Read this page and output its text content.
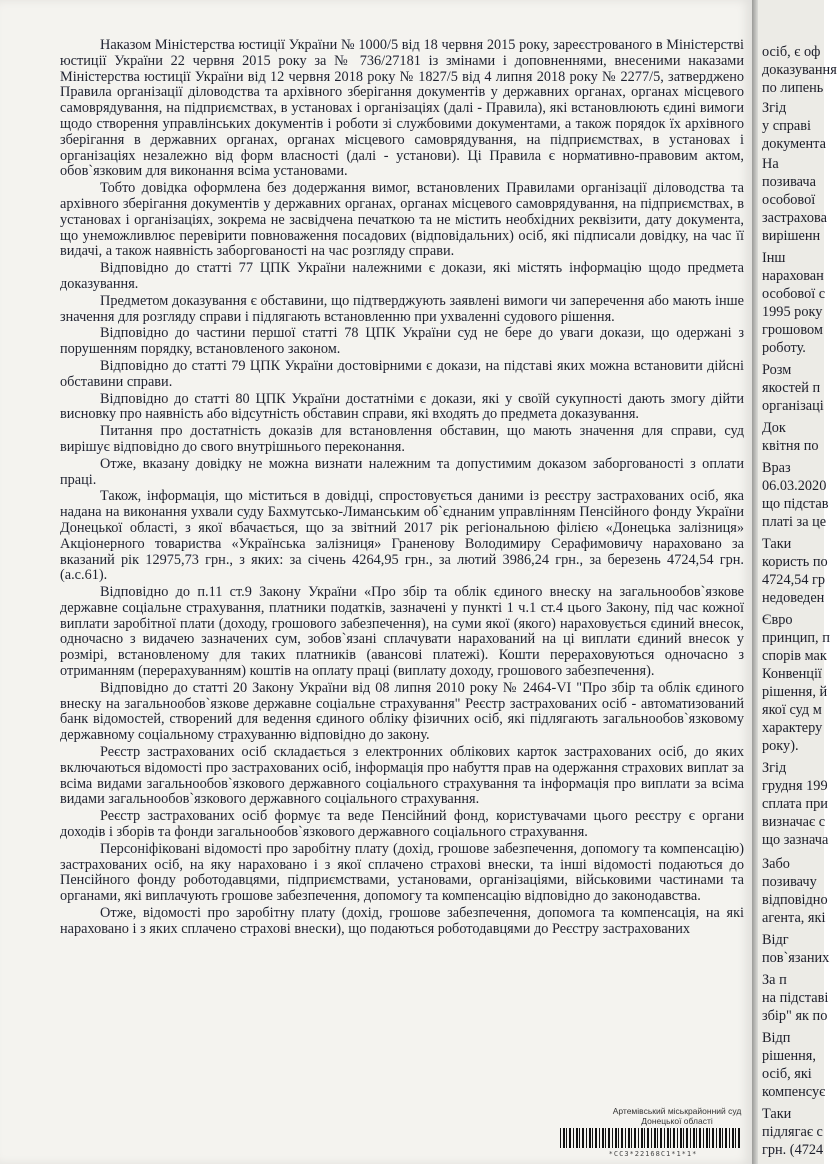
Наказом Міністерства юстиції України № 1000/5 від 18 червня 2015 року, зареєстрованого в Міністерстві юстиції України 22 червня 2015 року за № 736/27181 із змінами і доповненнями, внесеними наказами Міністерства юстиції України від 12 червня 2018 року № 1827/5 від 4 липня 2018 року № 2277/5, затверджено Правила організації діловодства та архівного зберігання документів у державних органах, органах місцевого самоврядування, на підприємствах, в установах і організаціях (далі - Правила), які встановлюють єдині вимоги щодо створення управлінських документів і роботи зі службовими документами, а також порядок їх архівного зберігання в державних органах, органах місцевого самоврядування, на підприємствах, в установах і організаціях незалежно від форм власності (далі - установи). Ці Правила є нормативно-правовим актом, обов`язковим для виконання всіма установами.

Тобто довідка оформлена без додержання вимог, встановлених Правилами організації діловодства та архівного зберігання документів у державних органах, органах місцевого самоврядування, на підприємствах, в установах і організаціях, зокрема не засвідчена печаткою та не містить необхідних реквізити, дату документа, що унеможливлює перевірити повноваження посадових (відповідальних) осіб, які підписали довідку, на час її видачі, а також наявність заборгованості на час розгляду справи.

Відповідно до статті 77 ЦПК України належними є докази, які містять інформацію щодо предмета доказування.

Предметом доказування є обставини, що підтверджують заявлені вимоги чи заперечення або мають інше значення для розгляду справи і підлягають встановленню при ухваленні судового рішення.

Відповідно до частини першої статті 78 ЦПК України суд не бере до уваги докази, що одержані з порушенням порядку, встановленого законом.

Відповідно до статті 79 ЦПК України достовірними є докази, на підставі яких можна встановити дійсні обставини справи.

Відповідно до статті 80 ЦПК України достатніми є докази, які у своїй сукупності дають змогу дійти висновку про наявність або відсутність обставин справи, які входять до предмета доказування.

Питання про достатність доказів для встановлення обставин, що мають значення для справи, суд вирішує відповідно до свого внутрішнього переконання.

Отже, вказану довідку не можна визнати належним та допустимим доказом заборгованості з оплати праці.

Також, інформація, що міститься в довідці, спростовується даними із реєстру застрахованих осіб, яка надана на виконання ухвали суду Бахмутсько-Лиманським об`єднаним управлінням Пенсійного фонду України Донецької області, з якої вбачається, що за звітний 2017 рік регіональною філією «Донецька залізниця» Акціонерного товариства «Українська залізниця» Граненову Володимиру Серафимовичу нараховано за вказаний рік 12975,73 грн., з яких: за січень 4264,95 грн., за лютий 3986,24 грн., за березень 4724,54 грн. (а.с.61).

Відповідно до п.11 ст.9 Закону України «Про збір та облік єдиного внеску на загальнообов`язкове державне соціальне страхування, платники податків, зазначені у пункті 1 ч.1 ст.4 цього Закону, під час кожної виплати заробітної плати (доходу, грошового забезпечення), на суми якої (якого) нараховується єдиний внесок, одночасно з видачею зазначених сум, зобов`язані сплачувати нарахований на ці виплати єдиний внесок у розмірі, встановленому для таких платників (авансові платежі). Кошти перераховуються одночасно з отриманням (перерахуванням) коштів на оплату праці (виплату доходу, грошового забезпечення).

Відповідно до статті 20 Закону України від 08 липня 2010 року № 2464-VI "Про збір та облік єдиного внеску на загальнообов`язкове державне соціальне страхування" Реєстр застрахованих осіб - автоматизований банк відомостей, створений для ведення єдиного обліку фізичних осіб, які підлягають загальнообов`язковому державному соціальному страхуванню відповідно до закону.

Реєстр застрахованих осіб складається з електронних облікових карток застрахованих осіб, до яких включаються відомості про застрахованих осіб, інформація про набуття прав на одержання страхових виплат за всіма видами загальнообов`язкового державного соціального страхування та інформація про виплати за всіма видами загальнообов`язкового державного соціального страхування.

Реєстр застрахованих осіб формує та веде Пенсійний фонд, користувачами цього реєстру є органи доходів і зборів та фонди загальнообов`язкового державного соціального страхування.

Персоніфіковані відомості про заробітну плату (дохід, грошове забезпечення, допомогу та компенсацію) застрахованих осіб, на яку нараховано і з якої сплачено страхові внески, та інші відомості подаються до Пенсійного фонду роботодавцями, підприємствами, установами, організаціями, військовими частинами та органами, які виплачують грошове забезпечення, допомогу та компенсацію відповідно до законодавства.

Отже, відомості про заробітну плату (дохід, грошове забезпечення, допомога та компенсація, на які нараховано і з яких сплачено страхові внески), що подаються роботодавцями до Реєстру застрахованих

Артемівський міськрайонний суд
Донецької області
*СС3*22168С1*1*1*
осіб, є оф
доказування
по липень
Згід
у справі
документа
На
позивача
особової
застрахова
вирішенн
Інш
нарахован
особової с
1995 року
грошовом
роботу.
Розм
якостей п
організаці
Док
квітня по
Враз
06.03.2020
що підстав
платі за це
Таки
користь по
4724,54 гр
недоведен
Євро
принцип, п
спорів мак
Конвенції
рішення, й
якої суд м
характеру
року).
Згід
грудня 199
сплата при
визначає с
що зазнача
Забо
позивачу
відповідно
агента, які
Відг
пов`язаних
За п
на підставі
збір" як по
Відп
рішення,
осіб, які
компенсує
Таки
підлягає с
грн. (4724
